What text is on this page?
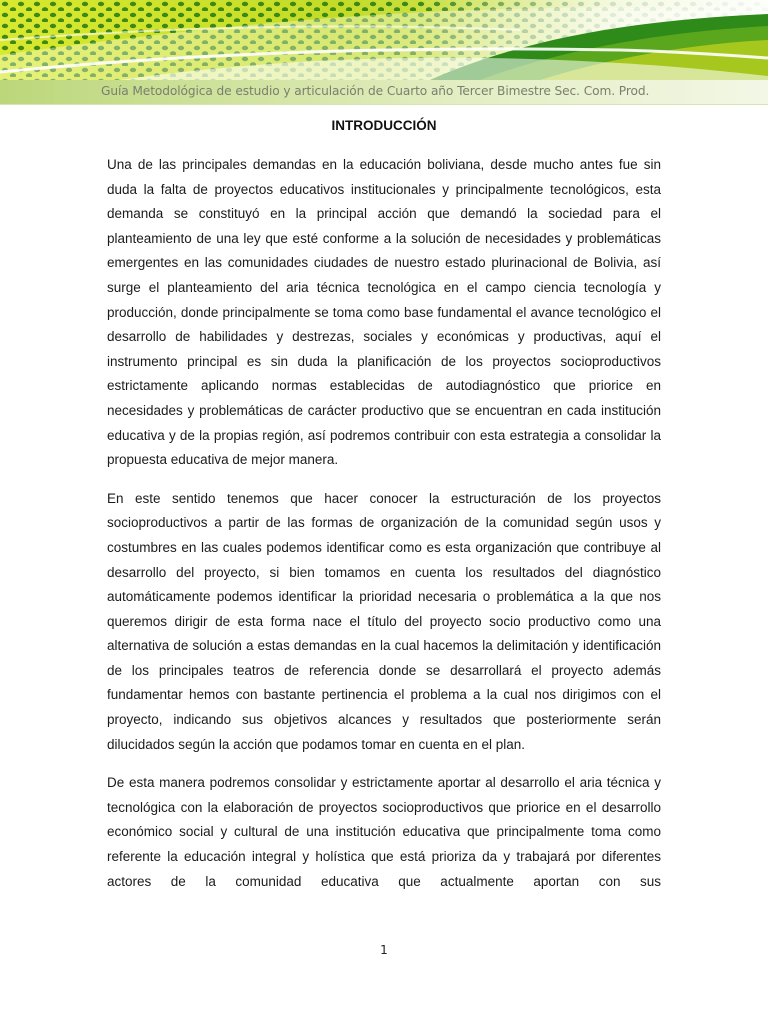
Guía Metodológica de estudio y articulación de Cuarto año Tercer Bimestre Sec. Com. Prod.
INTRODUCCIÓN

Una de las principales demandas en la educación boliviana, desde mucho antes fue sin duda la falta de proyectos educativos institucionales y principalmente tecnológicos, esta demanda se constituyó en la principal acción que demandó la sociedad para el planteamiento de una ley que esté conforme a la solución de necesidades y problemáticas emergentes en las comunidades ciudades de nuestro estado plurinacional de Bolivia, así surge el planteamiento del aria técnica tecnológica en el campo ciencia tecnología y producción, donde principalmente se toma como base fundamental el avance tecnológico el desarrollo de habilidades y destrezas, sociales y económicas y productivas, aquí el instrumento principal es sin duda la planificación de los proyectos socioproductivos estrictamente aplicando normas establecidas de autodiagnóstico que priorice en necesidades y problemáticas de carácter productivo que se encuentran en cada institución educativa y de la propias región, así podremos contribuir con esta estrategia a consolidar la propuesta educativa de mejor manera.

En este sentido tenemos que hacer conocer la estructuración de los proyectos socioproductivos a partir de las formas de organización de la comunidad según usos y costumbres en las cuales podemos identificar como es esta organización que contribuye al desarrollo del proyecto, si bien tomamos en cuenta los resultados del diagnóstico automáticamente podemos identificar la prioridad necesaria o problemática a la que nos queremos dirigir de esta forma nace el título del proyecto socio productivo como una alternativa de solución a estas demandas en la cual hacemos la delimitación y identificación de los principales teatros de referencia donde se desarrollará el proyecto además fundamentar hemos con bastante pertinencia el problema a la cual nos dirigimos con el proyecto, indicando sus objetivos alcances y resultados que posteriormente serán dilucidados según la acción que podamos tomar en cuenta en el plan.

De esta manera podremos consolidar y estrictamente aportar al desarrollo el aria técnica y tecnológica con la elaboración de proyectos socioproductivos que priorice en el desarrollo económico social y cultural de una institución educativa que principalmente toma como referente la educación integral y holística que está prioriza da y trabajará por diferentes actores de la comunidad educativa que actualmente aportan con sus

1
